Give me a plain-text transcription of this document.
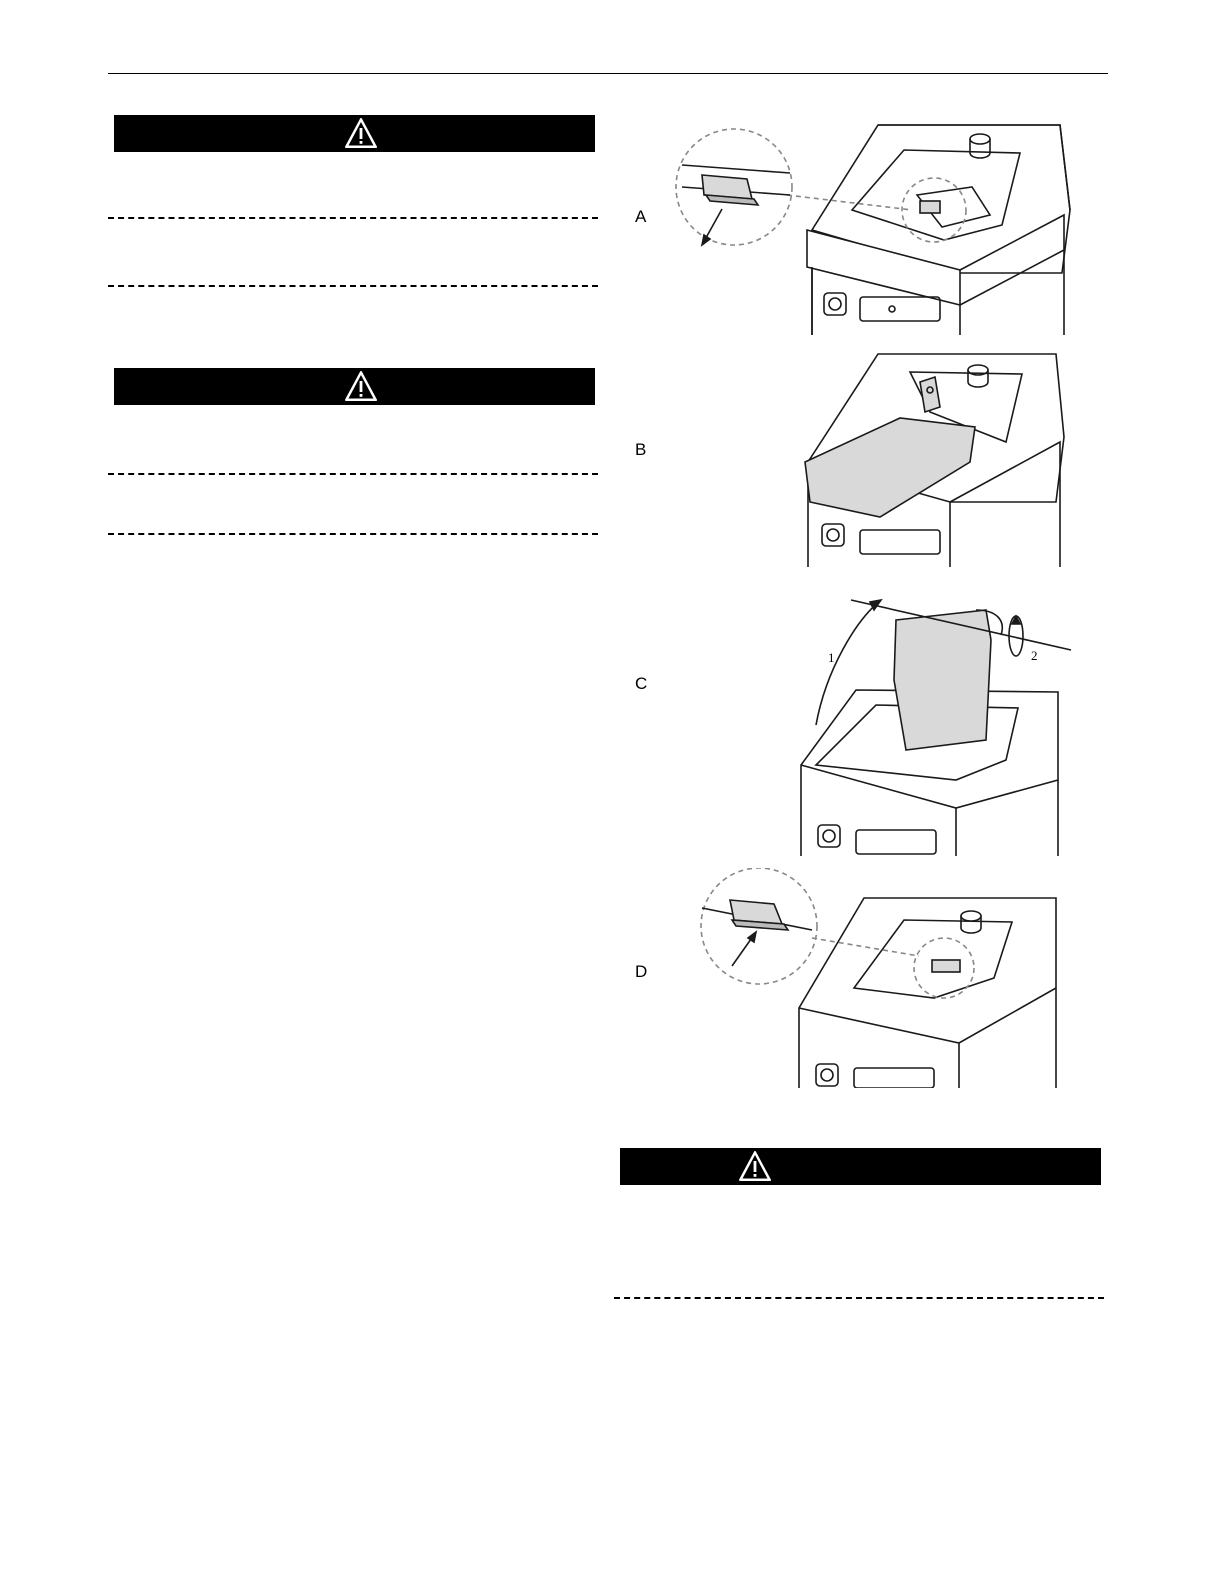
A
B
C
D
1	2
